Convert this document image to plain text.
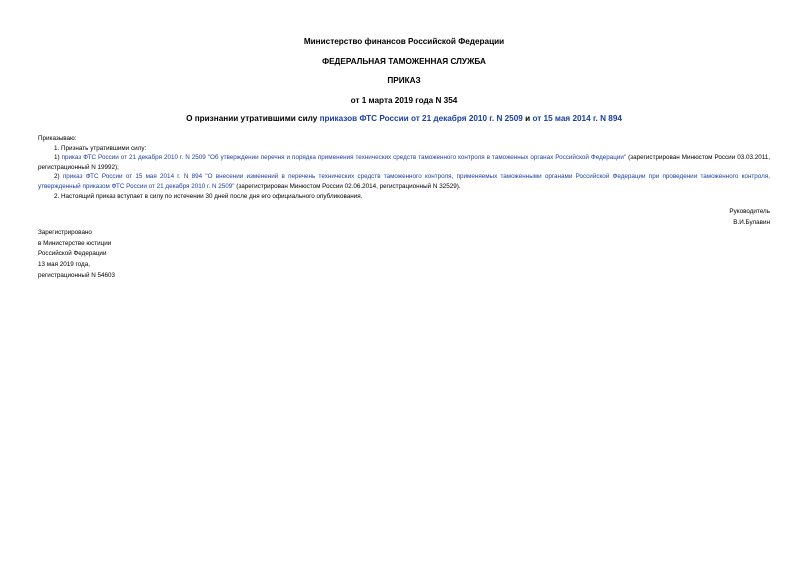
Министерство финансов Российской Федерации
ФЕДЕРАЛЬНАЯ ТАМОЖЕННАЯ СЛУЖБА
ПРИКАЗ
от 1 марта 2019 года N 354
О признании утратившими силу приказов ФТС России от 21 декабря 2010 г. N 2509 и от 15 мая 2014 г. N 894

Приказываю:

1. Признать утратившими силу:

1) приказ ФТС России от 21 декабря 2010 г. N 2509 "Об утверждении перечня и порядка применения технических средств таможенного контроля в таможенных органах Российской Федерации" (зарегистрирован Минюстом России 03.03.2011, регистрационный N 19992);

2) приказ ФТС России от 15 мая 2014 г. N 894 "О внесении изменений в перечень технических средств таможенного контроля, применяемых таможенными органами Российской Федерации при проведении таможенного контроля, утвержденный приказом ФТС России от 21 декабря 2010 г. N 2509" (зарегистрирован Минюстом России 02.06.2014, регистрационный N 32529).

2. Настоящий приказ вступает в силу по истечении 30 дней после дня его официального опубликования.

Руководитель
В.И.Булавин
Зарегистрировано
в Министерстве юстиции
Российской Федерации
13 мая 2019 года,
регистрационный N 54603
